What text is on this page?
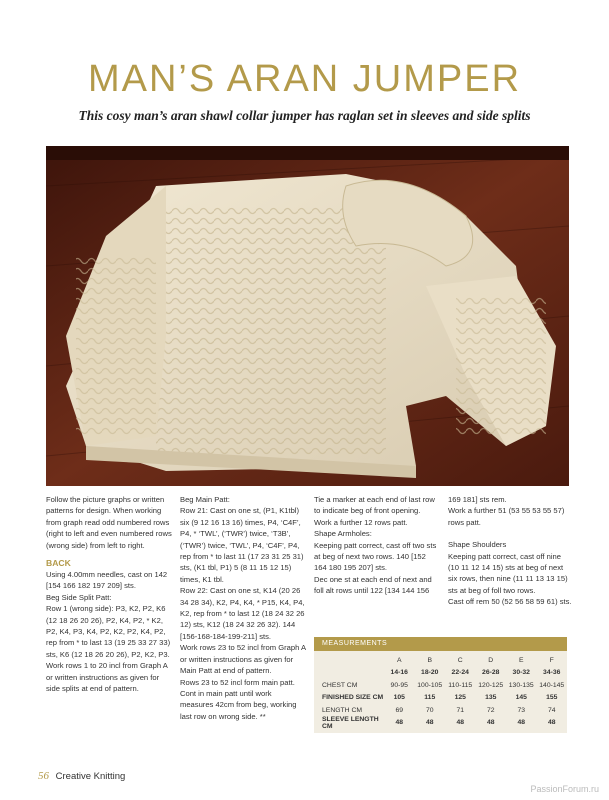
MAN’S ARAN JUMPER
This cosy man’s aran shawl collar jumper has raglan set in sleeves and side splits

Follow the picture graphs or written patterns for design. When working from graph read odd numbered rows (right to left and even numbered rows (wrong side) from left to right.

BACK

Using 4.00mm needles, cast on 142 [154 166 182 197 209] sts.

Beg Side Split Patt:

Row 1 (wrong side): P3, K2, P2, K6 (12 18 26 20 26), P2, K4, P2, * K2, P2, K4, P3, K4, P2, K2, P2, K4, P2, rep from * to last 13 (19 25 33 27 33) sts, K6 (12 18 26 20 26), P2, K2, P3.

Work rows 1 to 20 incl from Graph A or written instructions as given for side splits at end of pattern.

Beg Main Patt:

Row 21: Cast on one st, (P1, K1tbl) six (9 12 16 13 16) times, P4, ‘C4F’, P4, * ‘TWL’, (‘TWR’) twice, ‘T3B’, (‘TWR’) twice, ‘TWL’, P4, ‘C4F’, P4, rep from * to last 11 (17 23 31 25 31) sts, (K1 tbl, P1) 5 (8 11 15 12 15) times, K1 tbl.

Row 22: Cast on one st, K14 (20 26 34 28 34), K2, P4, K4, * P15, K4, P4, K2, rep from * to last 12 (18 24 32 26 12) sts, K12 (18 24 32 26 32). 144 [156-168-184-199-211] sts.

Work rows 23 to 52 incl from Graph A or written instructions as given for Main Patt at end of pattern.

Rows 23 to 52 incl form main patt. Cont in main patt until work measures 42cm from beg, working last row on wrong side. **

Tie a marker at each end of last row to indicate beg of front opening.

Work a further 12 rows patt.

Shape Armholes:

Keeping patt correct, cast off two sts at beg of next two rows. 140 [152 164 180 195 207] sts.

Dec one st at each end of next and foll alt rows until 122 [134 144 156

169 181] sts rem.

Work a further 51 (53 55 53 55 57) rows patt.

Shape Shoulders

Keeping patt correct, cast off nine (10 11 12 14 15) sts at beg of next six rows, then nine (11 11 13 13 15) sts at beg of foll two rows.

Cast off rem 50 (52 56 58 59 61) sts.

MEASUREMENTS
A	B	C	D	E	F
14-16	18-20	22-24	26-28	30-32	34-36
CHEST CM	90-95	100-105 110-115 120-125 130-135 140-145
FINISHED SIZE CM	105	115	125	135	145	155
LENGTH CM	69	70	71	72	73	74
SLEEVE LENGTH CM	48	48	48	48	48	48
56 Creative Knitting
PassionForum.ru
